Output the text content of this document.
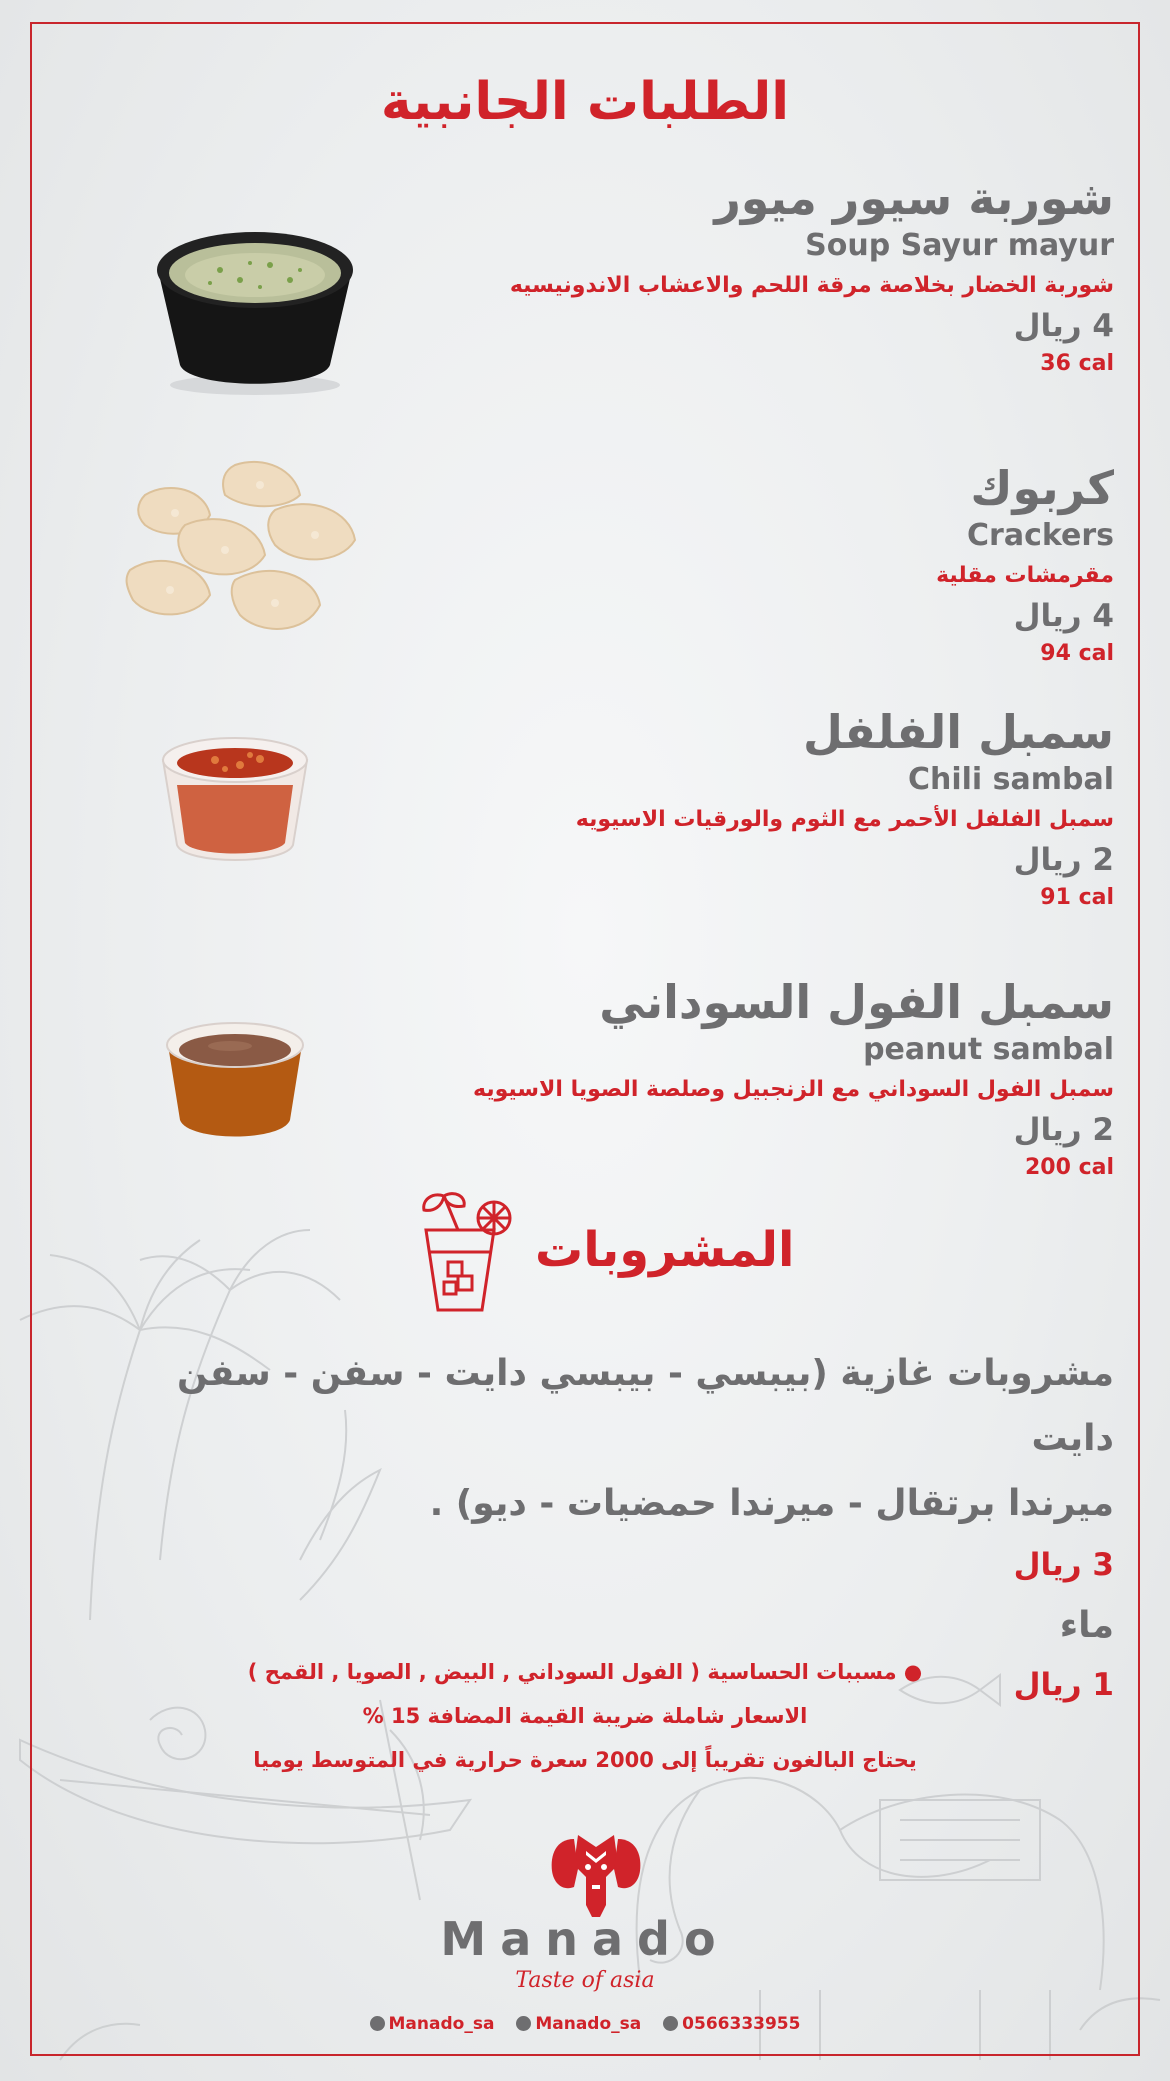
الطلبات الجانبية
شوربة سيور ميور
Soup Sayur mayur
شوربة الخضار بخلاصة مرقة اللحم والاعشاب الاندونيسيه
4 ريال
36 cal
كربوك
Crackers
مقرمشات مقلية
4 ريال
94 cal
سمبل الفلفل
Chili sambal
سمبل الفلفل الأحمر مع الثوم والورقيات الاسيويه
2 ريال
91 cal
سمبل الفول السوداني
peanut sambal
سمبل الفول السوداني مع الزنجبيل وصلصة الصويا الاسيويه
2 ريال
200 cal
المشروبات
مشروبات غازية (بيبسي - بيبسي دايت - سفن - سفن دايت
ميرندا برتقال - ميرندا حمضيات - ديو) .
3 ريال
ماء
1 ريال
● مسببات الحساسية ( الفول السوداني , البيض , الصويا , القمح )
الاسعار شاملة ضريبة القيمة المضافة 15 %
يحتاج البالغون تقريباً إلى 2000 سعرة حرارية في المتوسط يوميا
Manado
Taste of asia
Manado_sa Manado_sa 0566333955
